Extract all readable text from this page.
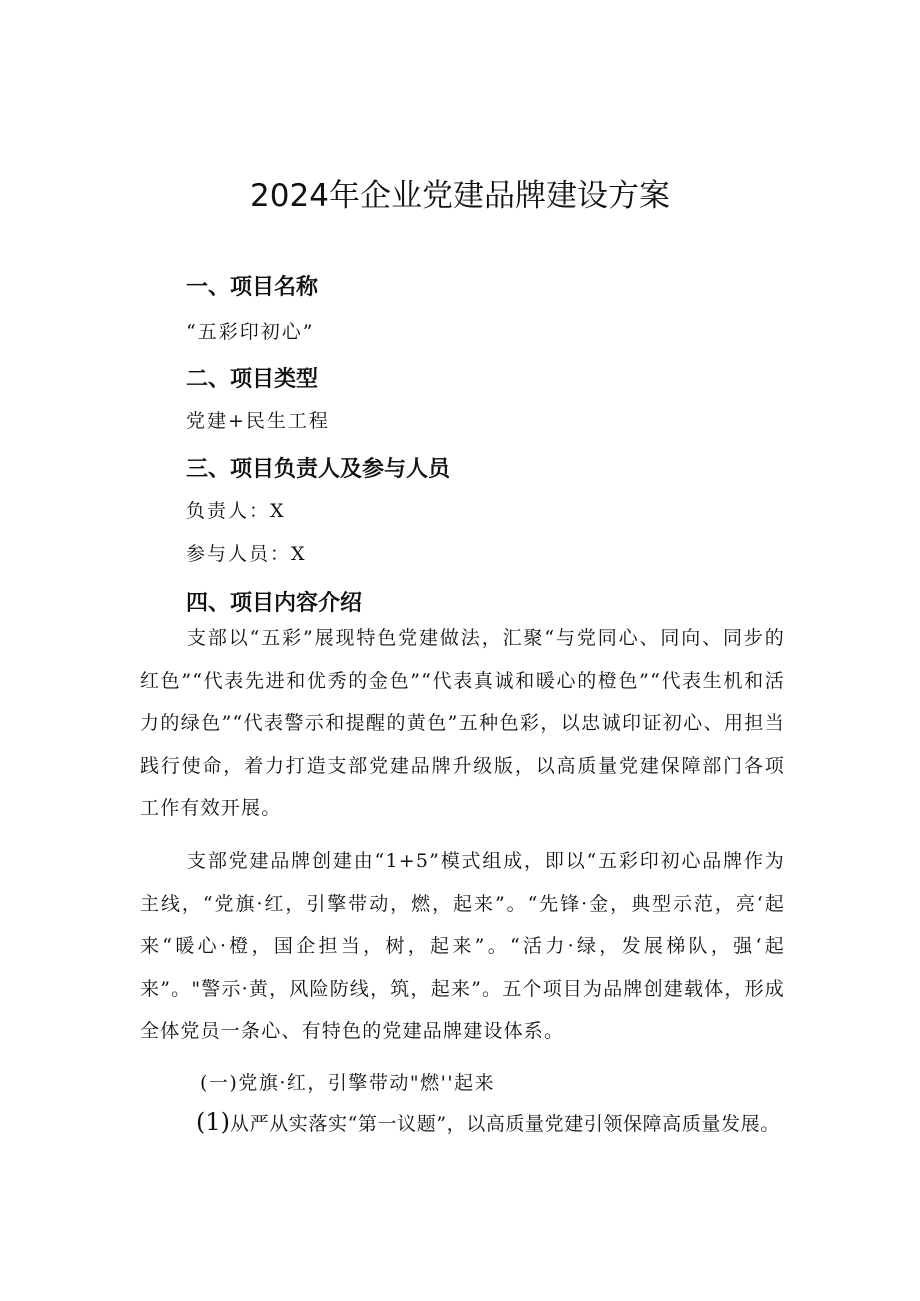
2024年企业党建品牌建设方案
一、项目名称

“五彩印初心”

二、项目类型

党建+民生工程

三、项目负责人及参与人员

负责人：X

参与人员：X

四、项目内容介绍

支部以“五彩”展现特色党建做法，汇聚“与党同心、同向、同步的红色”“代表先进和优秀的金色”“代表真诚和暖心的橙色”“代表生机和活力的绿色”“代表警示和提醒的黄色”五种色彩，以忠诚印证初心、用担当践行使命，着力打造支部党建品牌升级版，以高质量党建保障部门各项工作有效开展。

支部党建品牌创建由“1+5”模式组成，即以“五彩印初心品牌作为主线，“党旗·红，引擎带动，燃，起来”。“先锋·金，典型示范，亮‘起来“暖心·橙，国企担当，树，起来”。“活力·绿，发展梯队，强‘起来”。"警示·黄，风险防线，筑，起来”。五个项目为品牌创建载体，形成全体党员一条心、有特色的党建品牌建设体系。

(一)党旗·红，引擎带动"燃''起来

(1)从严从实落实“第一议题”，以高质量党建引领保障高质量发展。
